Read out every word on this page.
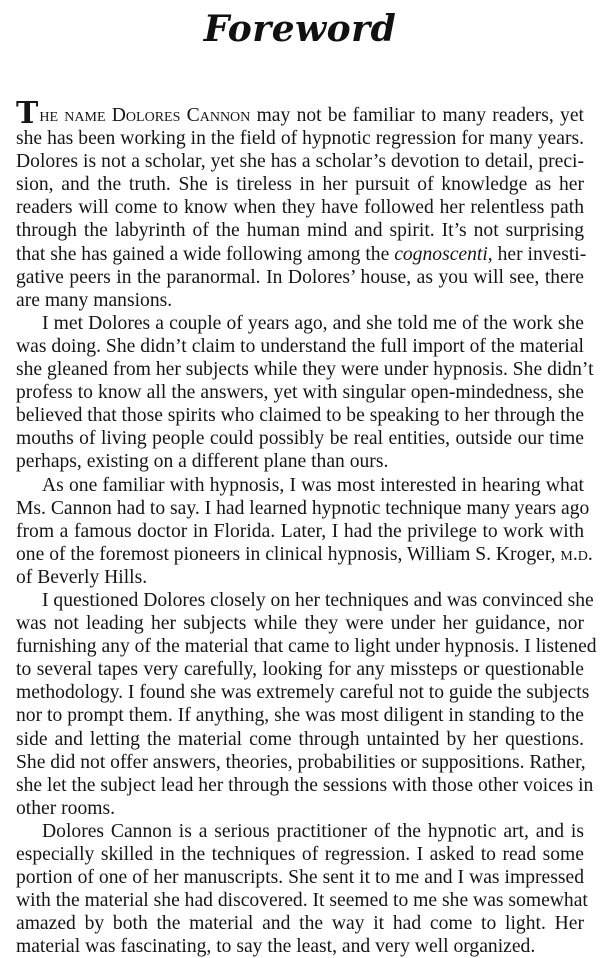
Foreword
The name Dolores Cannon may not be familiar to many readers, yet
she has been working in the field of hypnotic regression for many years.
Dolores is not a scholar, yet she has a scholar’s devotion to detail, preci-
sion, and the truth. She is tireless in her pursuit of knowledge as her
readers will come to know when they have followed her relentless path
through the labyrinth of the human mind and spirit. It’s not surprising
that she has gained a wide following among the cognoscenti, her investi-
gative peers in the paranormal. In Dolores’ house, as you will see, there
are many mansions.
I met Dolores a couple of years ago, and she told me of the work she
was doing. She didn’t claim to understand the full import of the material
she gleaned from her subjects while they were under hypnosis. She didn’t
profess to know all the answers, yet with singular open-mindedness, she
believed that those spirits who claimed to be speaking to her through the
mouths of living people could possibly be real entities, outside our time
perhaps, existing on a different plane than ours.
As one familiar with hypnosis, I was most interested in hearing what
Ms. Cannon had to say. I had learned hypnotic technique many years ago
from a famous doctor in Florida. Later, I had the privilege to work with
one of the foremost pioneers in clinical hypnosis, William S. Kroger, m.d.
of Beverly Hills.
I questioned Dolores closely on her techniques and was convinced she
was not leading her subjects while they were under her guidance, nor
furnishing any of the material that came to light under hypnosis. I listened
to several tapes very carefully, looking for any missteps or questionable
methodology. I found she was extremely careful not to guide the subjects
nor to prompt them. If anything, she was most diligent in standing to the
side and letting the material come through untainted by her questions.
She did not offer answers, theories, probabilities or suppositions. Rather,
she let the subject lead her through the sessions with those other voices in
other rooms.
Dolores Cannon is a serious practitioner of the hypnotic art, and is
especially skilled in the techniques of regression. I asked to read some
portion of one of her manuscripts. She sent it to me and I was impressed
with the material she had discovered. It seemed to me she was somewhat
amazed by both the material and the way it had come to light. Her
material was fascinating, to say the least, and very well organized.
